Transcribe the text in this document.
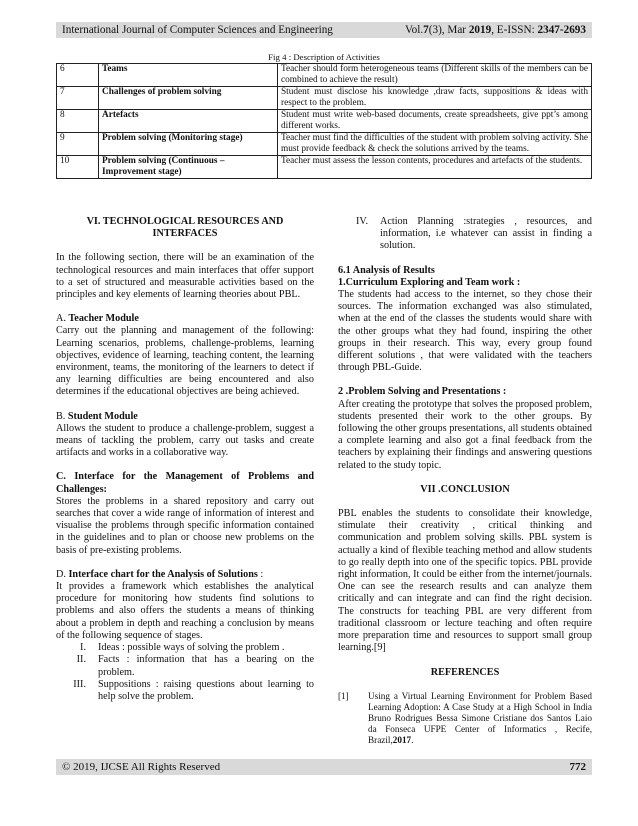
International Journal of Computer Sciences and Engineering	Vol.7(3), Mar 2019, E-ISSN: 2347-2693
Fig 4 : Description of Activities
6	Teams	Teacher should form heterogeneous teams (Different skills of the members can be combined to achieve the result)
7	Challenges of problem solving	Student must disclose his knowledge ,draw facts, suppositions & ideas with respect to the problem.
8	Artefacts	Student must write web-based documents, create spreadsheets, give ppt’s among different works.
9	Problem solving (Monitoring stage)	Teacher must find the difficulties of the student with problem solving activity. She must provide feedback & check the solutions arrived by the teams.
10	Problem solving (Continuous – Improvement stage)	Teacher must assess the lesson contents, procedures and artefacts of the students.
VI. TECHNOLOGICAL RESOURCES AND
INTERFACES

In the following section, there will be an examination of the technological resources and main interfaces that offer support to a set of structured and measurable activities based on the principles and key elements of learning theories about PBL.

A. Teacher Module

Carry out the planning and management of the following: Learning scenarios, problems, challenge-problems, learning objectives, evidence of learning, teaching content, the learning environment, teams, the monitoring of the learners to detect if any learning difficulties are being encountered and also determines if the educational objectives are being achieved.

B. Student Module

Allows the student to produce a challenge-problem, suggest a means of tackling the problem, carry out tasks and create artifacts and works in a collaborative way.

C. Interface for the Management of Problems and Challenges:

Stores the problems in a shared repository and carry out searches that cover a wide range of information of interest and visualise the problems through specific information contained in the guidelines and to plan or choose new problems on the basis of pre-existing problems.

D. Interface chart for the Analysis of Solutions :

It provides a framework which establishes the analytical procedure for monitoring how students find solutions to problems and also offers the students a means of thinking about a problem in depth and reaching a conclusion by means of the following sequence of stages.

I.	Ideas : possible ways of solving the problem .
II.	Facts : information that has a bearing on the problem.
III.	Suppositions : raising questions about learning to help solve the problem.
IV.	Action Planning :strategies , resources, and information, i.e whatever can assist in finding a solution.
6.1 Analysis of Results
1.Curriculum Exploring and Team work :

The students had access to the internet, so they chose their sources. The information exchanged was also stimulated, when at the end of the classes the students would share with the other groups what they had found, inspiring the other groups in their research. This way, every group found different solutions , that were validated with the teachers through PBL-Guide.

2 .Problem Solving and Presentations :

After creating the prototype that solves the proposed problem, students presented their work to the other groups. By following the other groups presentations, all students obtained a complete learning and also got a final feedback from the teachers by explaining their findings and answering questions related to the study topic.

VII .CONCLUSION

PBL enables the students to consolidate their knowledge, stimulate their creativity , critical thinking and communication and problem solving skills. PBL system is actually a kind of flexible teaching method and allow students to go really depth into one of the specific topics. PBL provide right information, It could be either from the internet/journals. One can see the research results and can analyze them critically and can integrate and can find the right decision. The constructs for teaching PBL are very different from traditional classroom or lecture teaching and often require more preparation time and resources to support small group learning.[9]

REFERENCES
[1]	Using a Virtual Learning Environment for Problem Based Learning Adoption: A Case Study at a High School in India Bruno Rodrigues Bessa Simone Cristiane dos Santos Laio da Fonseca UFPE Center of Informatics , Recife, Brazil,2017.
© 2019, IJCSE All Rights Reserved	772
